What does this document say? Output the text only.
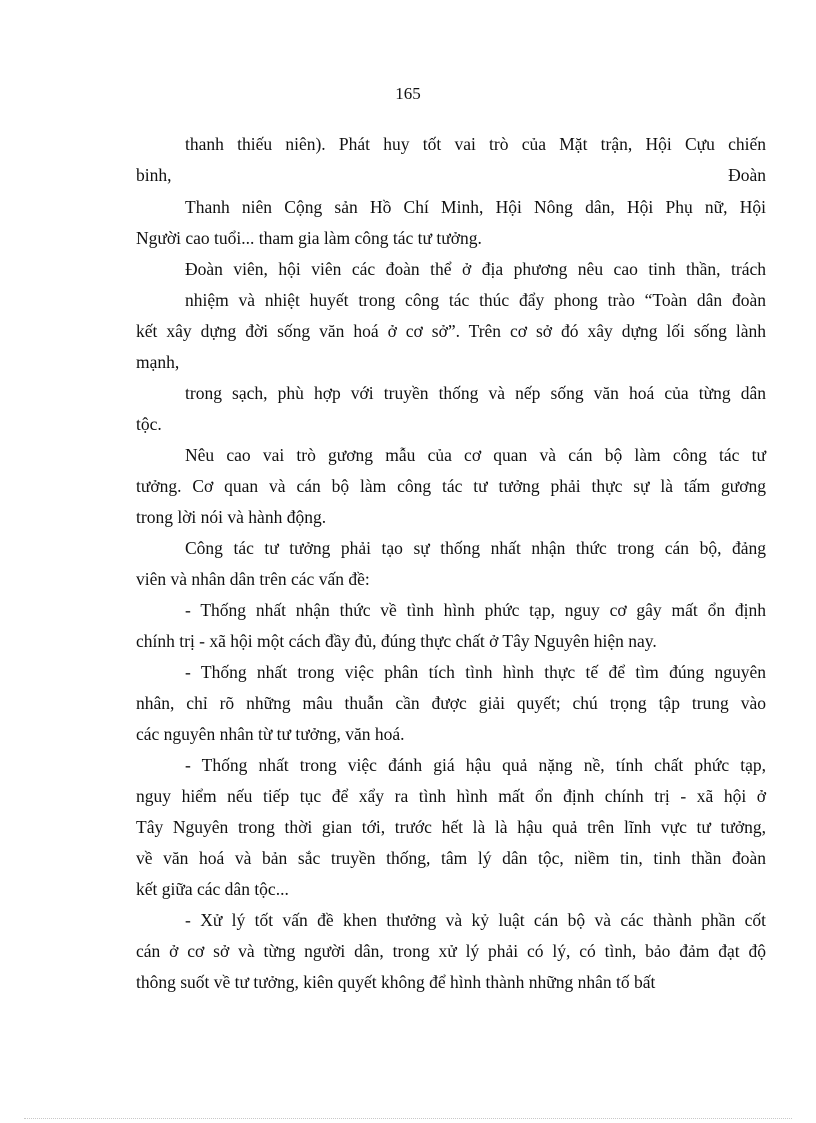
165
thanh thiếu niên). Phát huy tốt vai trò của Mặt trận, Hội Cựu chiến
binh,	Đoàn
Thanh niên Cộng sản Hồ Chí Minh, Hội Nông dân, Hội Phụ nữ, Hội
Người cao tuổi... tham gia làm công tác tư tưởng.
Đoàn viên, hội viên các đoàn thể ở địa phương nêu cao tinh thần, trách
nhiệm và nhiệt huyết trong công tác thúc đẩy phong trào “Toàn dân đoàn
kết xây dựng đời sống văn hoá ở cơ sở”. Trên cơ sở đó xây dựng lối sống lành
mạnh,
trong sạch, phù hợp với truyền thống và nếp sống văn hoá của từng dân
tộc.
Nêu cao vai trò gương mẫu của cơ quan và cán bộ làm công tác tư
tưởng. Cơ quan và cán bộ làm công tác tư tưởng phải thực sự là tấm gương
trong lời nói và hành động.
Công tác tư tưởng phải tạo sự thống nhất nhận thức trong cán bộ, đảng
viên và nhân dân trên các vấn đề:
- Thống nhất nhận thức về tình hình phức tạp, nguy cơ gây mất ổn định
chính trị - xã hội một cách đầy đủ, đúng thực chất ở Tây Nguyên hiện nay.
- Thống nhất trong việc phân tích tình hình thực tế để tìm đúng nguyên
nhân, chỉ rõ những mâu thuẫn cần được giải quyết; chú trọng tập trung vào
các nguyên nhân từ tư tưởng, văn hoá.
- Thống nhất trong việc đánh giá hậu quả nặng nề, tính chất phức tạp,
nguy hiểm nếu tiếp tục để xẩy ra tình hình mất ổn định chính trị - xã hội ở
Tây Nguyên trong thời gian tới, trước hết là là hậu quả trên lĩnh vực tư tưởng,
về văn hoá và bản sắc truyền thống, tâm lý dân tộc, niềm tin, tinh thần đoàn
kết giữa các dân tộc...
- Xử lý tốt vấn đề khen thưởng và kỷ luật cán bộ và các thành phần cốt
cán ở cơ sở và từng người dân, trong xử lý phải có lý, có tình, bảo đảm đạt độ
thông suốt về tư tưởng, kiên quyết không để hình thành những nhân tố bất
